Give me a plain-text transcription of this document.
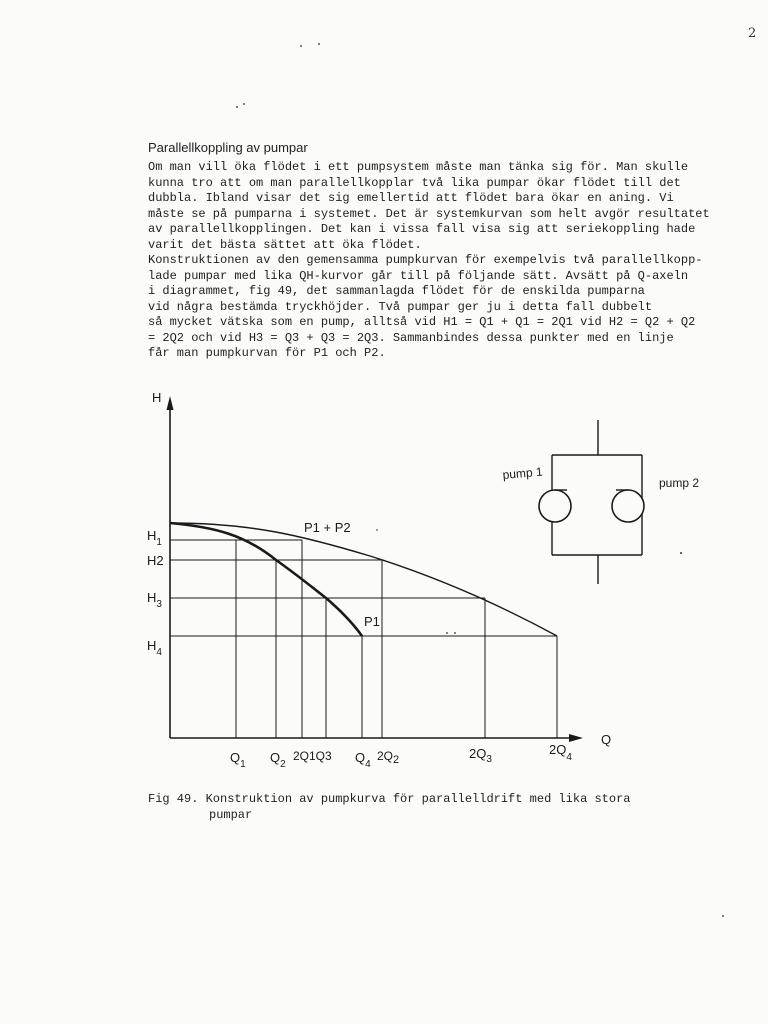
2
Parallellkoppling av pumpar
Om man vill öka flödet i ett pumpsystem måste man tänka sig för. Man skulle
kunna tro att om man parallellkopplar två lika pumpar ökar flödet till det
dubbla. Ibland visar det sig emellertid att flödet bara ökar en aning. Vi
måste se på pumparna i systemet. Det är systemkurvan som helt avgör resultatet
av parallellkopplingen. Det kan i vissa fall visa sig att seriekoppling hade
varit det bästa sättet att öka flödet.
Konstruktionen av den gemensamma pumpkurvan för exempelvis två parallellkopp-
lade pumpar med lika QH-kurvor går till på följande sätt. Avsätt på Q-axeln
i diagrammet, fig 49, det sammanlagda flödet för de enskilda pumparna
vid några bestämda tryckhöjder. Två pumpar ger ju i detta fall dubbelt
så mycket vätska som en pump, alltså vid H1 = Q1 + Q1 = 2Q1 vid H2 = Q2 + Q2
= 2Q2 och vid H3 = Q3 + Q3 = 2Q3. Sammanbindes dessa punkter med en linje
får man pumpkurvan för P1 och P2.
H
Q
$H_1$
H2
$H_3$
$H_4$
$Q_1$ $Q_2$
2Q1Q3 $Q_4$
2Q2	$2Q_3$
$2Q_4$
P1 + P2
P1
pump 1
pump 2
Fig 49. Konstruktion av pumpkurva för parallelldrift med lika stora
pumpar
